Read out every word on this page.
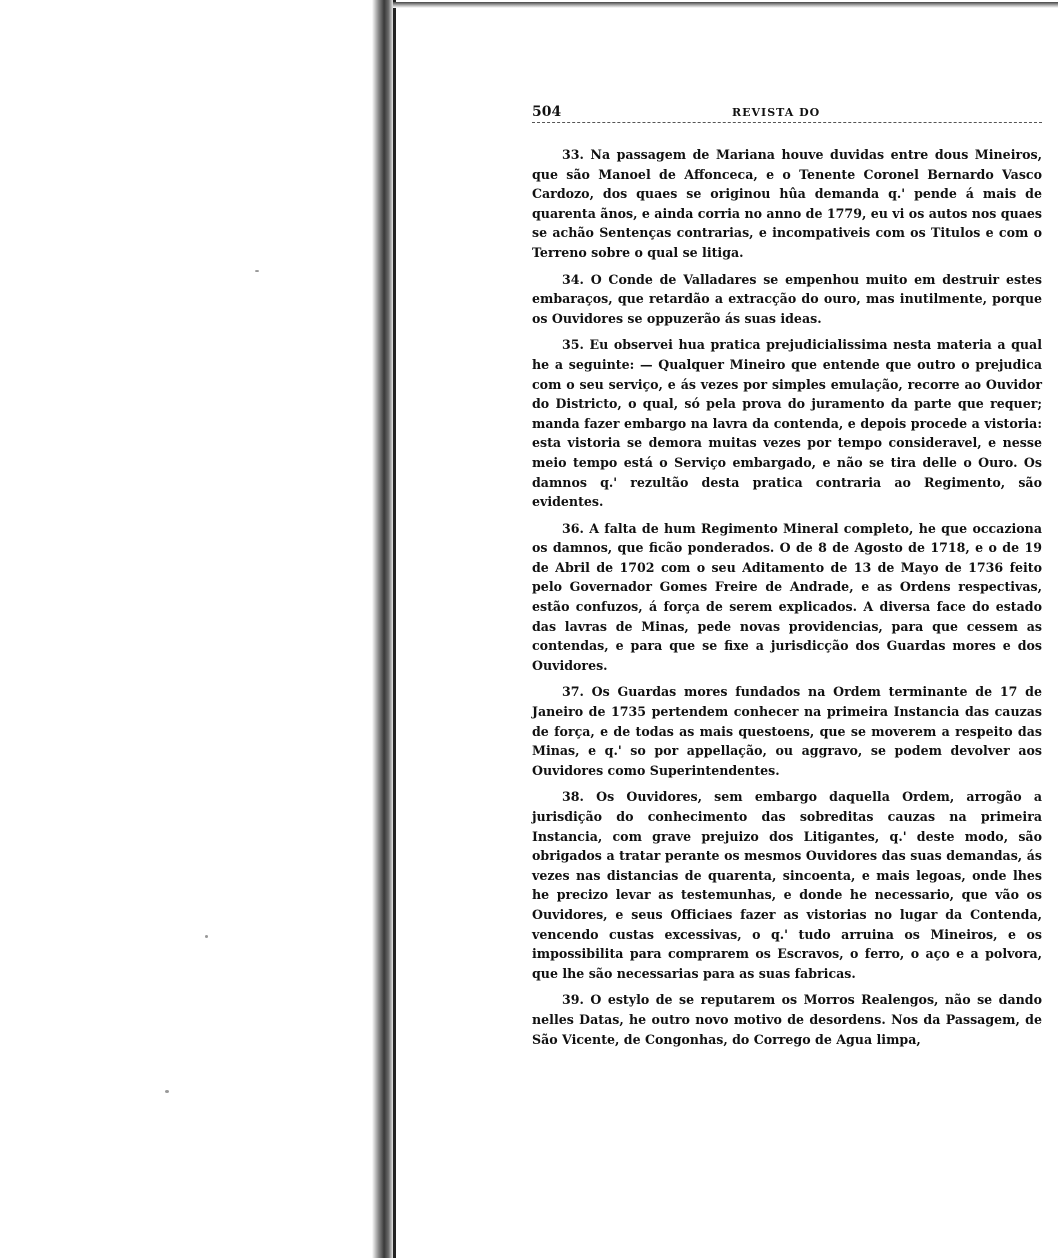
504	REVISTA DO

33. Na passagem de Mariana houve duvidas entre dous Mineiros, que são Manoel de Affonceca, e o Tenente Coronel Bernardo Vasco Cardozo, dos quaes se originou hûa demanda q.' pende á mais de quarenta ãnos, e ainda corria no anno de 1779, eu vi os autos nos quaes se achão Sentenças contrarias, e incompativeis com os Titulos e com o Terreno sobre o qual se litiga.

34. O Conde de Valladares se empenhou muito em destruir estes embaraços, que retardão a extracção do ouro, mas inutilmente, porque os Ouvidores se oppuzerão ás suas ideas.

35. Eu observei hua pratica prejudicialissima nesta materia a qual he a seguinte: — Qualquer Mineiro que entende que outro o prejudica com o seu serviço, e ás vezes por simples emulação, recorre ao Ouvidor do Districto, o qual, só pela prova do juramento da parte que requer; manda fazer embargo na lavra da contenda, e depois procede a vistoria: esta vistoria se demora muitas vezes por tempo consideravel, e nesse meio tempo está o Serviço embargado, e não se tira delle o Ouro. Os damnos q.' rezultão desta pratica contraria ao Regimento, são evidentes.

36. A falta de hum Regimento Mineral completo, he que occaziona os damnos, que ficão ponderados. O de 8 de Agosto de 1718, e o de 19 de Abril de 1702 com o seu Aditamento de 13 de Mayo de 1736 feito pelo Governador Gomes Freire de Andrade, e as Ordens respectivas, estão confuzos, á força de serem explicados. A diversa face do estado das lavras de Minas, pede novas providencias, para que cessem as contendas, e para que se fixe a jurisdicção dos Guardas mores e dos Ouvidores.

37. Os Guardas mores fundados na Ordem terminante de 17 de Janeiro de 1735 pertendem conhecer na primeira Instancia das cauzas de força, e de todas as mais questoens, que se moverem a respeito das Minas, e q.' so por appellação, ou aggravo, se podem devolver aos Ouvidores como Superintendentes.

38. Os Ouvidores, sem embargo daquella Ordem, arrogão a jurisdição do conhecimento das sobreditas cauzas na primeira Instancia, com grave prejuizo dos Litigantes, q.' deste modo, são obrigados a tratar perante os mesmos Ouvidores das suas demandas, ás vezes nas distancias de quarenta, sincoenta, e mais legoas, onde lhes he precizo levar as testemunhas, e donde he necessario, que vão os Ouvidores, e seus Officiaes fazer as vistorias no lugar da Contenda, vencendo custas excessivas, o q.' tudo arruina os Mineiros, e os impossibilita para comprarem os Escravos, o ferro, o aço e a polvora, que lhe são necessarias para as suas fabricas.

39. O estylo de se reputarem os Morros Realengos, não se dando nelles Datas, he outro novo motivo de desordens. Nos da Passagem, de São Vicente, de Congonhas, do Corrego de Agua limpa,
